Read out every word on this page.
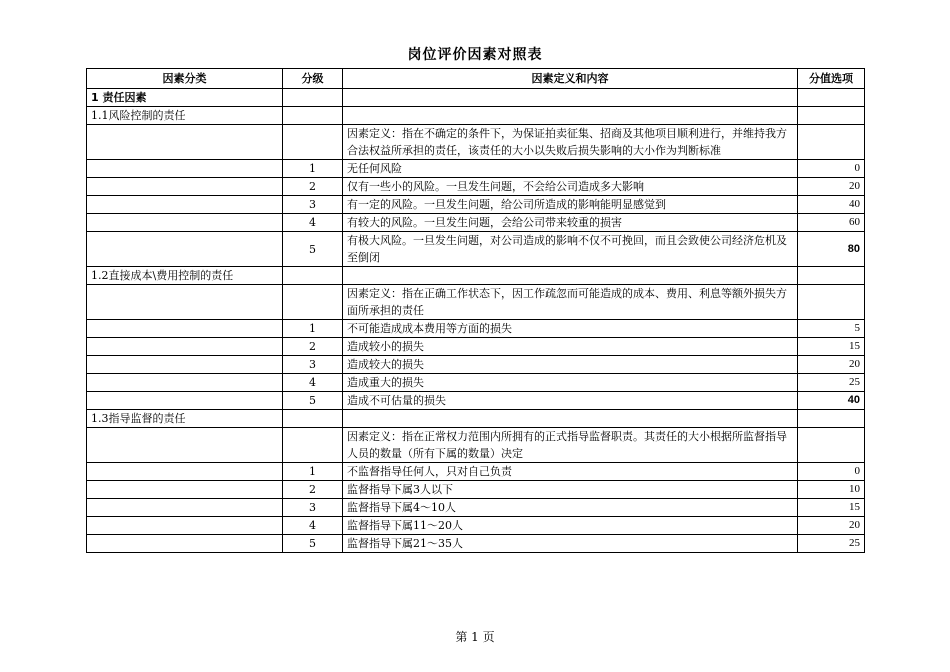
岗位评价因素对照表
因素分类	分级	因素定义和内容	分值选项
1 责任因素			
1.1风险控制的责任			
		因素定义：指在不确定的条件下，为保证拍卖征集、招商及其他项目顺利进行，并维持我方合法权益所承担的责任，该责任的大小以失败后损失影响的大小作为判断标准	
	1	无任何风险	0
	2	仅有一些小的风险。一旦发生问题，不会给公司造成多大影响	20
	3	有一定的风险。一旦发生问题，给公司所造成的影响能明显感觉到	40
	4	有较大的风险。一旦发生问题，会给公司带来较重的损害	60
	5	有极大风险。一旦发生问题，对公司造成的影响不仅不可挽回，而且会致使公司经济危机及至倒闭	80
1.2直接成本\费用控制的责任			
		因素定义：指在正确工作状态下，因工作疏忽而可能造成的成本、费用、利息等额外损失方面所承担的责任	
	1	不可能造成成本费用等方面的损失	5
	2	造成较小的损失	15
	3	造成较大的损失	20
	4	造成重大的损失	25
	5	造成不可估量的损失	40
1.3指导监督的责任			
		因素定义：指在正常权力范围内所拥有的正式指导监督职责。其责任的大小根据所监督指导人员的数量（所有下属的数量）决定	
	1	不监督指导任何人，只对自己负责	0
	2	监督指导下属3人以下	10
	3	监督指导下属4～10人	15
	4	监督指导下属11～20人	20
	5	监督指导下属21～35人	25
第 1 页
